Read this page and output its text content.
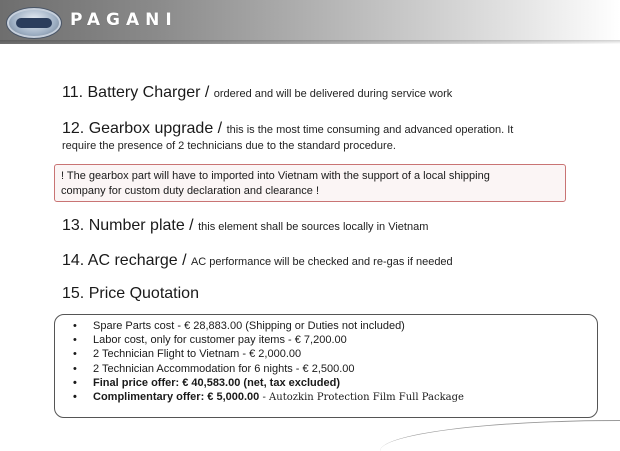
PAGANI
11. Battery Charger / ordered and will be delivered during service work
12. Gearbox upgrade / this is the most time consuming and advanced operation. It
require the presence of 2 technicians due to the standard procedure.
! The gearbox part will have to imported into Vietnam with the support of a local shipping
company for custom duty declaration and clearance !
13. Number plate / this element shall be sources locally in Vietnam
14. AC recharge / AC performance will be checked and re-gas if needed
15. Price Quotation
• Spare Parts cost - € 28,883.00 (Shipping or Duties not included)
• Labor cost, only for customer pay items - € 7,200.00
• 2 Technician Flight to Vietnam - € 2,000.00
• 2 Technician Accommodation for 6 nights - € 2,500.00
• Final price offer: € 40,583.00 (net, tax excluded)
• Complimentary offer: € 5,000.00 - Autozkin Protection Film Full Package
